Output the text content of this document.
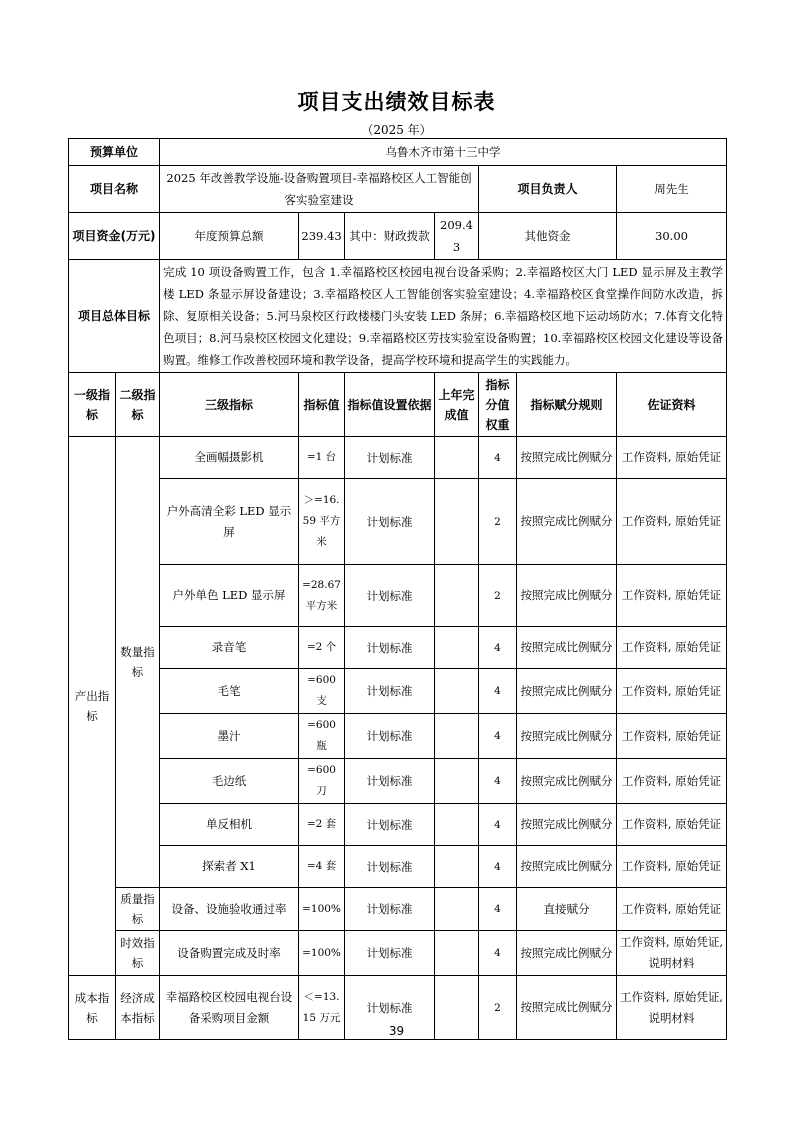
项目支出绩效目标表
（2025 年）
预算单位		乌鲁木齐市第十三中学						
项目名称		2025 年改善教学设施-设备购置项目-幸福路校区人工智能创客实验室建设				项目负责人		周先生
项目资金(万元)		年度预算总额	239.43	其中：财政拨款	209.43	其他资金		30.00
项目总体目标		完成 10 项设备购置工作，包含 1.幸福路校区校园电视台设备采购；2.幸福路校区大门 LED 显示屏及主教学楼 LED 条显示屏设备建设；3.幸福路校区人工智能创客实验室建设；4.幸福路校区食堂操作间防水改造，拆除、复原相关设备；5.河马泉校区行政楼楼门头安装 LED 条屏；6.幸福路校区地下运动场防水；7.体育文化特色项目；8.河马泉校区校园文化建设；9.幸福路校区劳技实验室设备购置；10.幸福路校区校园文化建设等设备购置。维修工作改善校园环境和教学设备，提高学校环境和提高学生的实践能力。						
一级指标	二级指标	三级指标	指标值	指标值设置依据	上年完成值	指标分值权重	指标赋分规则	佐证资料
产出指标	数量指标	全画幅摄影机	=1 台	计划标准		4	按照完成比例赋分	工作资料, 原始凭证
		户外高清全彩 LED 显示屏	＞=16.59 平方米	计划标准		2	按照完成比例赋分	工作资料, 原始凭证
		户外单色 LED 显示屏	=28.67 平方米	计划标准		2	按照完成比例赋分	工作资料, 原始凭证
		录音笔	=2 个	计划标准		4	按照完成比例赋分	工作资料, 原始凭证
		毛笔	=600 支	计划标准		4	按照完成比例赋分	工作资料, 原始凭证
		墨汁	=600 瓶	计划标准		4	按照完成比例赋分	工作资料, 原始凭证
		毛边纸	=600 刀	计划标准		4	按照完成比例赋分	工作资料, 原始凭证
		单反相机	=2 套	计划标准		4	按照完成比例赋分	工作资料, 原始凭证
		探索者 X1	=4 套	计划标准		4	按照完成比例赋分	工作资料, 原始凭证
	质量指标	设备、设施验收通过率	=100%	计划标准		4	直接赋分	工作资料, 原始凭证
	时效指标	设备购置完成及时率	=100%	计划标准		4	按照完成比例赋分	工作资料, 原始凭证, 说明材料
成本指标	经济成本指标	幸福路校区校园电视台设备采购项目金额	＜=13.15 万元	计划标准		2	按照完成比例赋分	工作资料, 原始凭证, 说明材料
39
